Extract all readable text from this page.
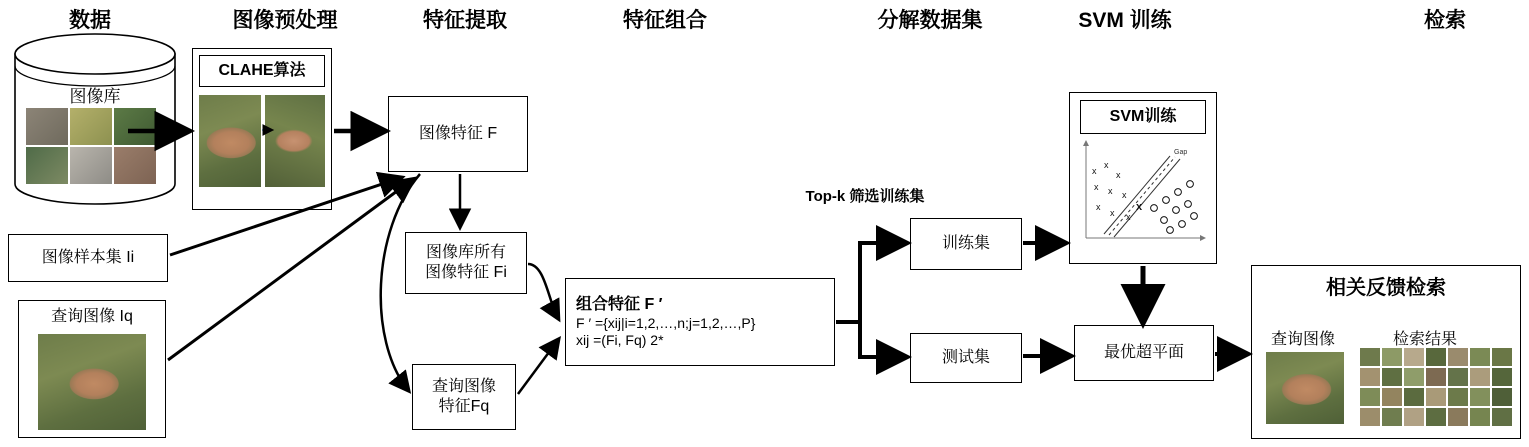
数据	图像预处理	特征提取	特征组合	分解数据集	SVM 训练	检索
图像库
CLAHE算法
图像特征 F
图像样本集 Ii
查询图像 Iq
图像库所有
图像特征 Fi
查询图像
特征Fq
组合特征 F ′
F ′ ={xij|i=1,2,…,n;j=1,2,…,P}
xij =(Fi, Fq) 2*
Top-k 筛选训练集
训练集
测试集
SVM训练
Gap
x
x
x
x x x
x
x x
x
最优超平面
相关反馈检索
查询图像	检索结果
